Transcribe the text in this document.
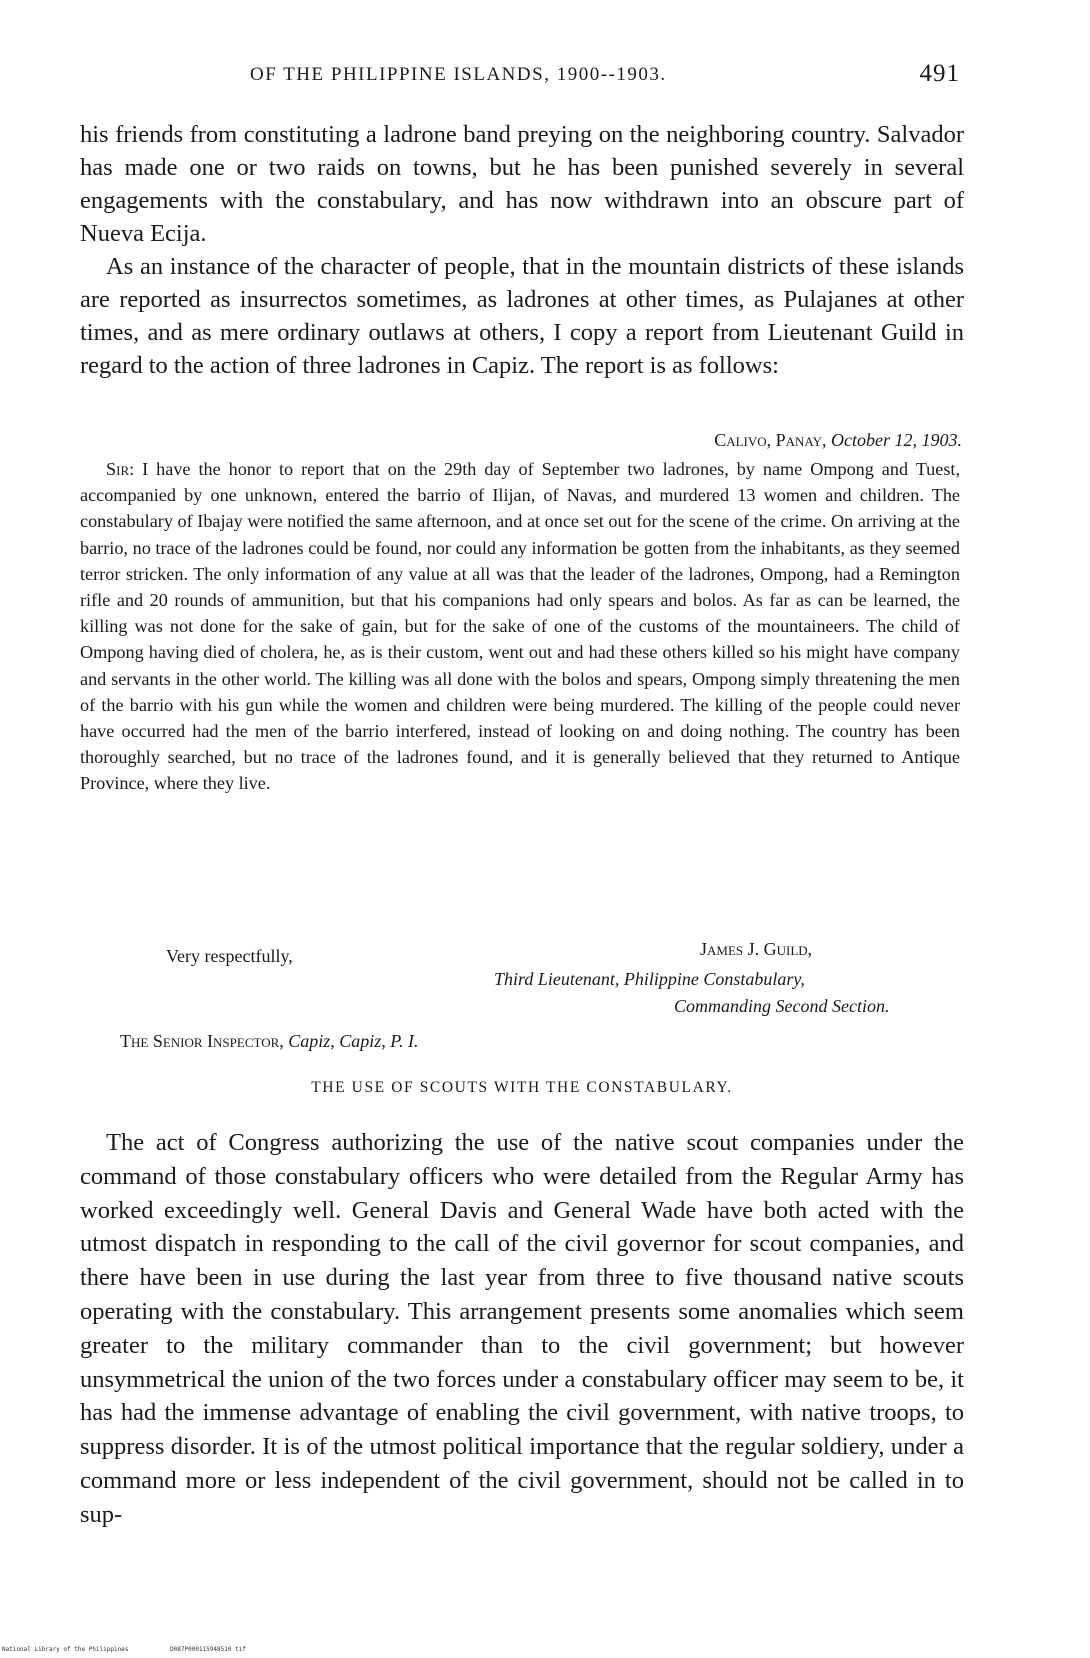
OF THE PHILIPPINE ISLANDS, 1900--1903.	491

his friends from constituting a ladrone band preying on the neighboring country. Salvador has made one or two raids on towns, but he has been punished severely in several engagements with the constabulary, and has now withdrawn into an obscure part of Nueva Ecija.

As an instance of the character of people, that in the mountain districts of these islands are reported as insurrectos sometimes, as ladrones at other times, as Pulajanes at other times, and as mere ordinary outlaws at others, I copy a report from Lieutenant Guild in regard to the action of three ladrones in Capiz. The report is as follows:

Calivo, Panay, October 12, 1903.

Sir: I have the honor to report that on the 29th day of September two ladrones, by name Ompong and Tuest, accompanied by one unknown, entered the barrio of Ilijan, of Navas, and murdered 13 women and children. The constabulary of Ibajay were notified the same afternoon, and at once set out for the scene of the crime. On arriving at the barrio, no trace of the ladrones could be found, nor could any information be gotten from the inhabitants, as they seemed terror stricken. The only information of any value at all was that the leader of the ladrones, Ompong, had a Remington rifle and 20 rounds of ammunition, but that his companions had only spears and bolos. As far as can be learned, the killing was not done for the sake of gain, but for the sake of one of the customs of the mountaineers. The child of Ompong having died of cholera, he, as is their custom, went out and had these others killed so his might have company and servants in the other world. The killing was all done with the bolos and spears, Ompong simply threatening the men of the barrio with his gun while the women and children were being murdered. The killing of the people could never have occurred had the men of the barrio interfered, instead of looking on and doing nothing. The country has been thoroughly searched, but no trace of the ladrones found, and it is generally believed that they returned to Antique Province, where they live.

Very respectfully,	James J. Guild,
Third Lieutenant, Philippine Constabulary,
Commanding Second Section.
The Senior Inspector, Capiz, Capiz, P. I.
THE USE OF SCOUTS WITH THE CONSTABULARY.

The act of Congress authorizing the use of the native scout companies under the command of those constabulary officers who were detailed from the Regular Army has worked exceedingly well. General Davis and General Wade have both acted with the utmost dispatch in responding to the call of the civil governor for scout companies, and there have been in use during the last year from three to five thousand native scouts operating with the constabulary. This arrangement presents some anomalies which seem greater to the military commander than to the civil government; but however unsymmetrical the union of the two forces under a constabulary officer may seem to be, it has had the immense advantage of enabling the civil government, with native troops, to suppress disorder. It is of the utmost political importance that the regular soldiery, under a command more or less independent of the civil government, should not be called in to sup-

National Library of the Philippines	D087P000115948510 tif
